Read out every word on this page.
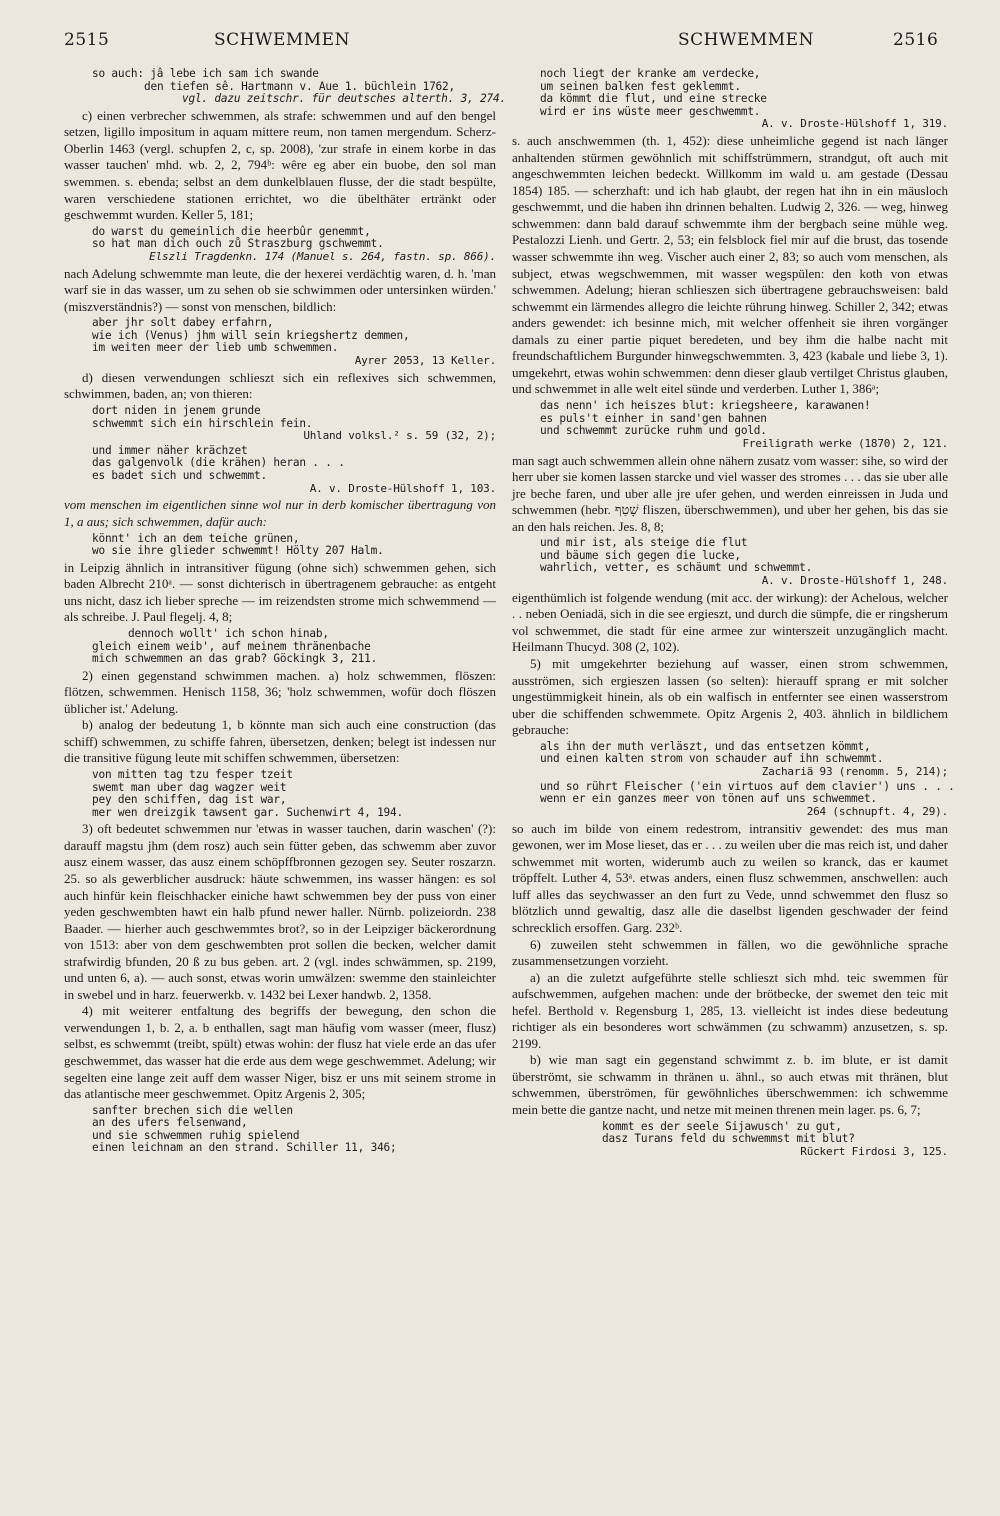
2515	SCHWEMMEN	SCHWEMMEN	2516
so auch: jâ lebe ich sam ich swande
den tiefen sê. Hartmann v. Aue 1. büchlein 1762,
vgl. dazu zeitschr. für deutsches alterth. 3, 274.

c) einen verbrecher schwemmen, als strafe: schwemmen und auf den bengel setzen, ligillo impositum in aquam mittere reum, non tamen mergendum. Scherz-Oberlin 1463 (vergl. schupfen 2, c, sp. 2008), 'zur strafe in einem korbe in das wasser tauchen' mhd. wb. 2, 2, 794ᵇ: wêre eg aber ein buobe, den sol man swemmen. s. ebenda; selbst an dem dunkelblauen flusse, der die stadt bespülte, waren verschiedene stationen errichtet, wo die übelthäter ertränkt oder geschwemmt wurden. Keller 5, 181;

do warst du gemeinlich die heerbûr genemmt,
so hat man dich ouch zů Straszburg gschwemmt.
Elszli Tragdenkn. 174 (Manuel s. 264, fastn. sp. 866).

nach Adelung schwemmte man leute, die der hexerei verdächtig waren, d. h. 'man warf sie in das wasser, um zu sehen ob sie schwimmen oder untersinken würden.' (miszverständnis?) — sonst von menschen, bildlich:

aber jhr solt dabey erfahrn,
wie ich (Venus) jhm will sein kriegshertz demmen,
im weiten meer der lieb umb schwemmen.
Ayrer 2053, 13 Keller.

d) diesen verwendungen schlieszt sich ein reflexives sich schwemmen, schwimmen, baden, an; von thieren:

dort niden in jenem grunde
schwemmt sich ein hirschlein fein.
Uhland volksl.² s. 59 (32, 2);
und immer näher krächzet
das galgenvolk (die krähen) heran . . .
es badet sich und schwemmt.
A. v. Droste-Hülshoff 1, 103.

vom menschen im eigentlichen sinne wol nur in derb komischer übertragung von 1, a aus; sich schwemmen, dafür auch:

könnt' ich an dem teiche grünen,
wo sie ihre glieder schwemmt! Hölty 207 Halm.

in Leipzig ähnlich in intransitiver fügung (ohne sich) schwemmen gehen, sich baden Albrecht 210ᵃ. — sonst dichterisch in übertragenem gebrauche: as entgeht uns nicht, dasz ich lieber spreche — im reizendsten strome mich schwemmend — als schreibe. J. Paul flegelj. 4, 8;

dennoch wollt' ich schon hinab,
gleich einem weib', auf meinem thränenbache
mich schwemmen an das grab? Göckingk 3, 211.

2) einen gegenstand schwimmen machen. a) holz schwemmen, flöszen: flötzen, schwemmen. Henisch 1158, 36; 'holz schwemmen, wofür doch flöszen üblicher ist.' Adelung.

b) analog der bedeutung 1, b könnte man sich auch eine construction (das schiff) schwemmen, zu schiffe fahren, übersetzen, denken; belegt ist indessen nur die transitive fügung leute mit schiffen schwemmen, übersetzen:

von mitten tag tzu fesper tzeit
swemt man uber dag wagzer weit
pey den schiffen, dag ist war,
mer wen dreizgik tawsent gar. Suchenwirt 4, 194.

3) oft bedeutet schwemmen nur 'etwas in wasser tauchen, darin waschen' (?): darauff magstu jhm (dem rosz) auch sein fütter geben, das schwemm aber zuvor ausz einem wasser, das ausz einem schöpffbronnen gezogen sey. Seuter roszarzn. 25. so als gewerblicher ausdruck: häute schwemmen, ins wasser hängen: es sol auch hinfür kein fleischhacker einiche hawt schwemmen bey der puss von einer yeden geschwembten hawt ein halb pfund newer haller. Nürnb. polizeiordn. 238 Baader. — hierher auch geschwemmtes brot?, so in der Leipziger bäckerordnung von 1513: aber von dem geschwembten prot sollen die becken, welcher damit strafwirdig bfunden, 20 ß zu bus geben. art. 2 (vgl. indes schwämmen, sp. 2199, und unten 6, a). — auch sonst, etwas worin umwälzen: swemme den stainleichter in swebel und in harz. feuerwerkb. v. 1432 bei Lexer handwb. 2, 1358.

4) mit weiterer entfaltung des begriffs der bewegung, den schon die verwendungen 1, b. 2, a. b enthallen, sagt man häufig vom wasser (meer, flusz) selbst, es schwemmt (treibt, spült) etwas wohin: der flusz hat viele erde an das ufer geschwemmet, das wasser hat die erde aus dem wege geschwemmet. Adelung; wir segelten eine lange zeit auff dem wasser Niger, bisz er uns mit seinem strome in das atlantische meer geschwemmet. Opitz Argenis 2, 305;

sanfter brechen sich die wellen
an des ufers felsenwand,
und sie schwemmen ruhig spielend
einen leichnam an den strand. Schiller 11, 346;
noch liegt der kranke am verdecke,
um seinen balken fest geklemmt.
da kömmt die flut, und eine strecke
wird er ins wüste meer geschwemmt.
A. v. Droste-Hülshoff 1, 319.

s. auch anschwemmen (th. 1, 452): diese unheimliche gegend ist nach länger anhaltenden stürmen gewöhnlich mit schiffstrümmern, strandgut, oft auch mit angeschwemmten leichen bedeckt. Willkomm im wald u. am gestade (Dessau 1854) 185. — scherzhaft: und ich hab glaubt, der regen hat ihn in ein mäusloch geschwemmt, und die haben ihn drinnen behalten. Ludwig 2, 326. — weg, hinweg schwemmen: dann bald darauf schwemmte ihm der bergbach seine mühle weg. Pestalozzi Lienh. und Gertr. 2, 53; ein felsblock fiel mir auf die brust, das tosende wasser schwemmte ihn weg. Vischer auch einer 2, 83; so auch vom menschen, als subject, etwas wegschwemmen, mit wasser wegspülen: den koth von etwas schwemmen. Adelung; hieran schlieszen sich übertragene gebrauchsweisen: bald schwemmt ein lärmendes allegro die leichte rührung hinweg. Schiller 2, 342; etwas anders gewendet: ich besinne mich, mit welcher offenheit sie ihren vorgänger damals zu einer partie piquet beredeten, und bey ihm die halbe nacht mit freundschaftlichem Burgunder hinwegschwemmten. 3, 423 (kabale und liebe 3, 1). umgekehrt, etwas wohin schwemmen: denn dieser glaub vertilget Christus glauben, und schwemmet in alle welt eitel sünde und verderben. Luther 1, 386ᵃ;

das nenn' ich heiszes blut: kriegsheere, karawanen!
es puls't einher in sand'gen bahnen
und schwemmt zurücke ruhm und gold.
Freiligrath werke (1870) 2, 121.

man sagt auch schwemmen allein ohne nähern zusatz vom wasser: sihe, so wird der herr uber sie komen lassen starcke und viel wasser des stromes . . . das sie uber alle jre beche faren, und uber alle jre ufer gehen, und werden einreissen in Juda und schwemmen (hebr. שָׁטַף fliszen, überschwemmen), und uber her gehen, bis das sie an den hals reichen. Jes. 8, 8;

und mir ist, als steige die flut
und bäume sich gegen die lucke,
wahrlich, vetter, es schäumt und schwemmt.
A. v. Droste-Hülshoff 1, 248.

eigenthümlich ist folgende wendung (mit acc. der wirkung): der Achelous, welcher . . neben Oeniadä, sich in die see ergieszt, und durch die sümpfe, die er ringsherum vol schwemmet, die stadt für eine armee zur winterszeit unzugänglich macht. Heilmann Thucyd. 308 (2, 102).

5) mit umgekehrter beziehung auf wasser, einen strom schwemmen, ausströmen, sich ergieszen lassen (so selten): hierauff sprang er mit solcher ungestümmigkeit hinein, als ob ein walfisch in entfernter see einen wasserstrom uber die schiffenden schwemmete. Opitz Argenis 2, 403. ähnlich in bildlichem gebrauche:

als ihn der muth verläszt, und das entsetzen kömmt,
und einen kalten strom von schauder auf ihn schwemmt.
Zachariä 93 (renomm. 5, 214);
und so rührt Fleischer ('ein virtuos auf dem clavier') uns . . .
wenn er ein ganzes meer von tönen auf uns schwemmet.
264 (schnupft. 4, 29).

so auch im bilde von einem redestrom, intransitiv gewendet: des mus man gewonen, wer im Mose lieset, das er . . . zu weilen uber die mas reich ist, und daher schwemmet mit worten, widerumb auch zu weilen so kranck, das er kaumet tröpffelt. Luther 4, 53ᵃ. etwas anders, einen flusz schwemmen, anschwellen: auch luff alles das seychwasser an den furt zu Vede, unnd schwemmet den flusz so blötzlich unnd gewaltig, dasz alle die daselbst ligenden geschwader der feind schrecklich ersoffen. Garg. 232ᵇ.

6) zuweilen steht schwemmen in fällen, wo die gewöhnliche sprache zusammensetzungen vorzieht.

a) an die zuletzt aufgeführte stelle schlieszt sich mhd. teic swemmen für aufschwemmen, aufgehen machen: unde der brötbecke, der swemet den teic mit hefel. Berthold v. Regensburg 1, 285, 13. vielleicht ist indes diese bedeutung richtiger als ein besonderes wort schwämmen (zu schwamm) anzusetzen, s. sp. 2199.

b) wie man sagt ein gegenstand schwimmt z. b. im blute, er ist damit überströmt, sie schwamm in thränen u. ähnl., so auch etwas mit thränen, blut schwemmen, überströmen, für gewöhnliches überschwemmen: ich schwemme mein bette die gantze nacht, und netze mit meinen threnen mein lager. ps. 6, 7;

kommt es der seele Sijawusch' zu gut,
dasz Turans feld du schwemmst mit blut?
Rückert Firdosi 3, 125.
